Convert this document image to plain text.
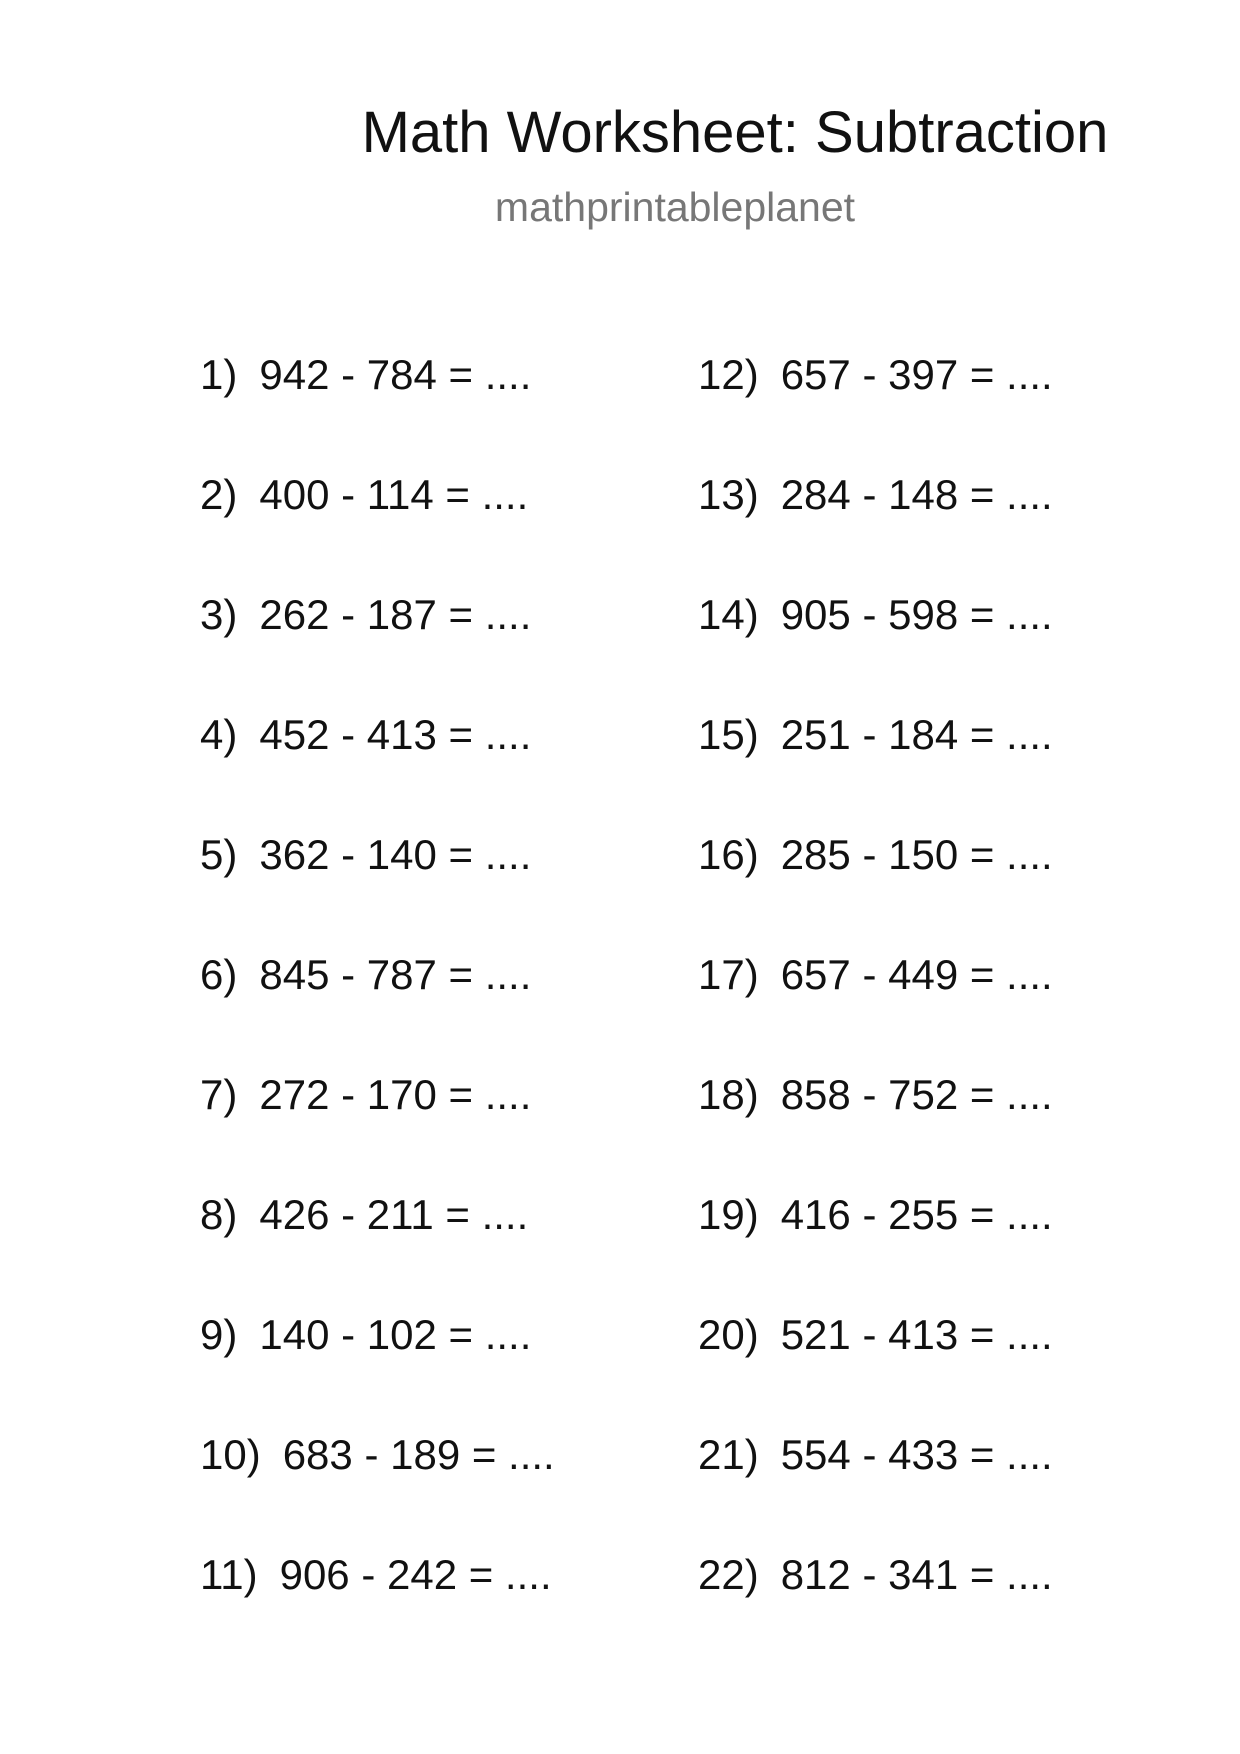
Math Worksheet: Subtraction
mathprintableplanet
1) 942 - 784 = ....
2) 400 - 114 = ....
3) 262 - 187 = ....
4) 452 - 413 = ....
5) 362 - 140 = ....
6) 845 - 787 = ....
7) 272 - 170 = ....
8) 426 - 211 = ....
9) 140 - 102 = ....
10) 683 - 189 = ....
11) 906 - 242 = ....
12) 657 - 397 = ....
13) 284 - 148 = ....
14) 905 - 598 = ....
15) 251 - 184 = ....
16) 285 - 150 = ....
17) 657 - 449 = ....
18) 858 - 752 = ....
19) 416 - 255 = ....
20) 521 - 413 = ....
21) 554 - 433 = ....
22) 812 - 341 = ....
